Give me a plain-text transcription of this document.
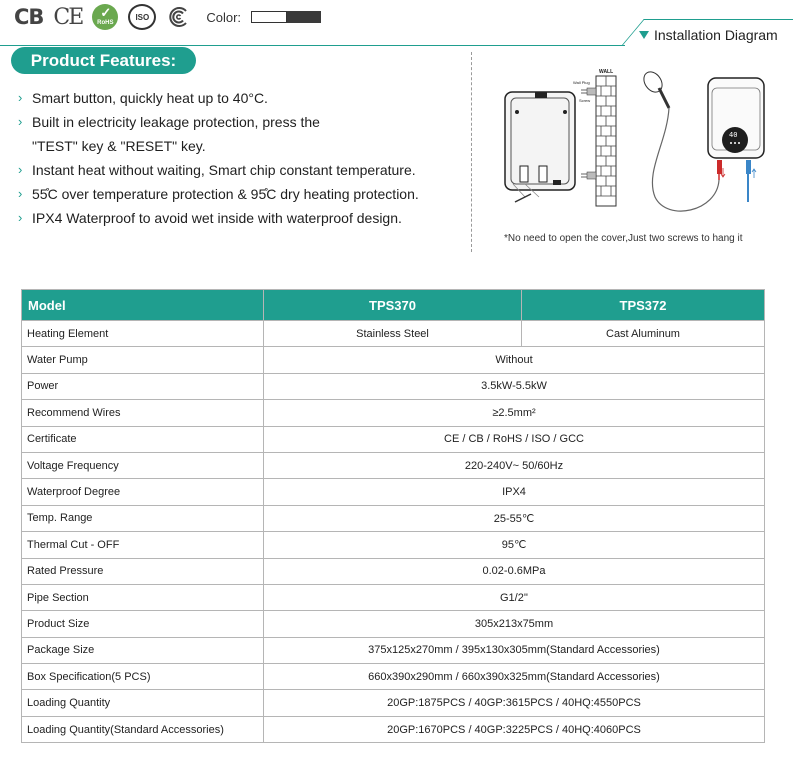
CB CE ✓ RoHS
ISO	Color:
Installation Diagram
Product Features:
› Smart button, quickly heat up to 40°C.
› Built in electricity leakage protection, press the
"TEST" key & "RESET" key.
› Instant heat without waiting, Smart chip constant temperature.
› 55̊C over temperature protection & 95̊C dry heating protection.
› IPX4 Waterproof to avoid wet inside with waterproof design.
WALL
Wall Plug
Screw
40
*No need to open the cover,Just two screws to hang it
Model	TPS370	TPS372
Heating Element	Stainless Steel	Cast Aluminum
Water Pump	Without	
Power	3.5kW-5.5kW	
Recommend Wires	≥2.5mm²	
Certificate	CE / CB / RoHS / ISO / GCC	
Voltage Frequency	220-240V~ 50/60Hz	
Waterproof Degree	IPX4	
Temp. Range	25-55℃	
Thermal Cut - OFF	95℃	
Rated Pressure	0.02-0.6MPa	
Pipe Section	G1/2''	
Product Size	305x213x75mm	
Package Size	375x125x270mm / 395x130x305mm(Standard Accessories)	
Box Specification(5 PCS)	660x390x290mm / 660x390x325mm(Standard Accessories)	
Loading Quantity	20GP:1875PCS / 40GP:3615PCS / 40HQ:4550PCS	
Loading Quantity(Standard Accessories)	20GP:1670PCS / 40GP:3225PCS / 40HQ:4060PCS	
